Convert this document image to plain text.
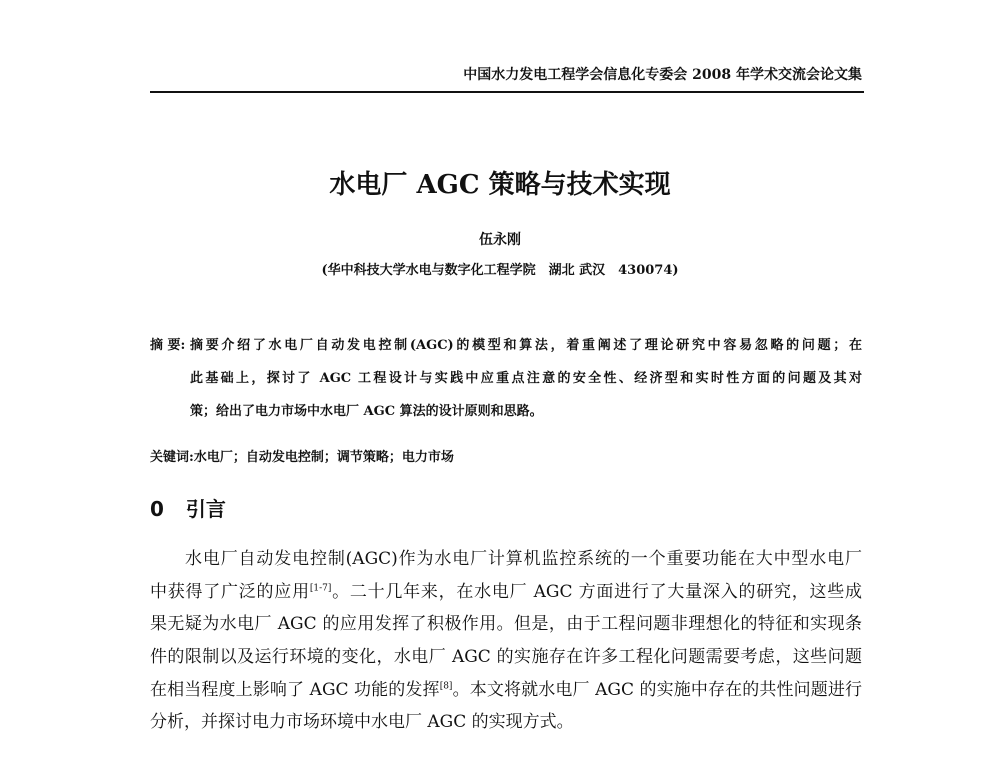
中国水力发电工程学会信息化专委会 2008 年学术交流会论文集
水电厂 AGC 策略与技术实现
伍永刚
(华中科技大学水电与数字化工程学院　湖北 武汉　430074)
摘 要: 摘要介绍了水电厂自动发电控制(AGC)的模型和算法，着重阐述了理论研究中容易忽略的问题；在
此基础上，探讨了 AGC 工程设计与实践中应重点注意的安全性、经济型和实时性方面的问题及其对
策；给出了电力市场中水电厂 AGC 算法的设计原则和思路。
关键词:水电厂；自动发电控制；调节策略；电力市场
0 引言
水电厂自动发电控制(AGC)作为水电厂计算机监控系统的一个重要功能在大中型水电厂
中获得了广泛的应用[1-7]。二十几年来，在水电厂 AGC 方面进行了大量深入的研究，这些成
果无疑为水电厂 AGC 的应用发挥了积极作用。但是，由于工程问题非理想化的特征和实现条
件的限制以及运行环境的变化，水电厂 AGC 的实施存在许多工程化问题需要考虑，这些问题
在相当程度上影响了 AGC 功能的发挥[8]。本文将就水电厂 AGC 的实施中存在的共性问题进行
分析，并探讨电力市场环境中水电厂 AGC 的实现方式。
